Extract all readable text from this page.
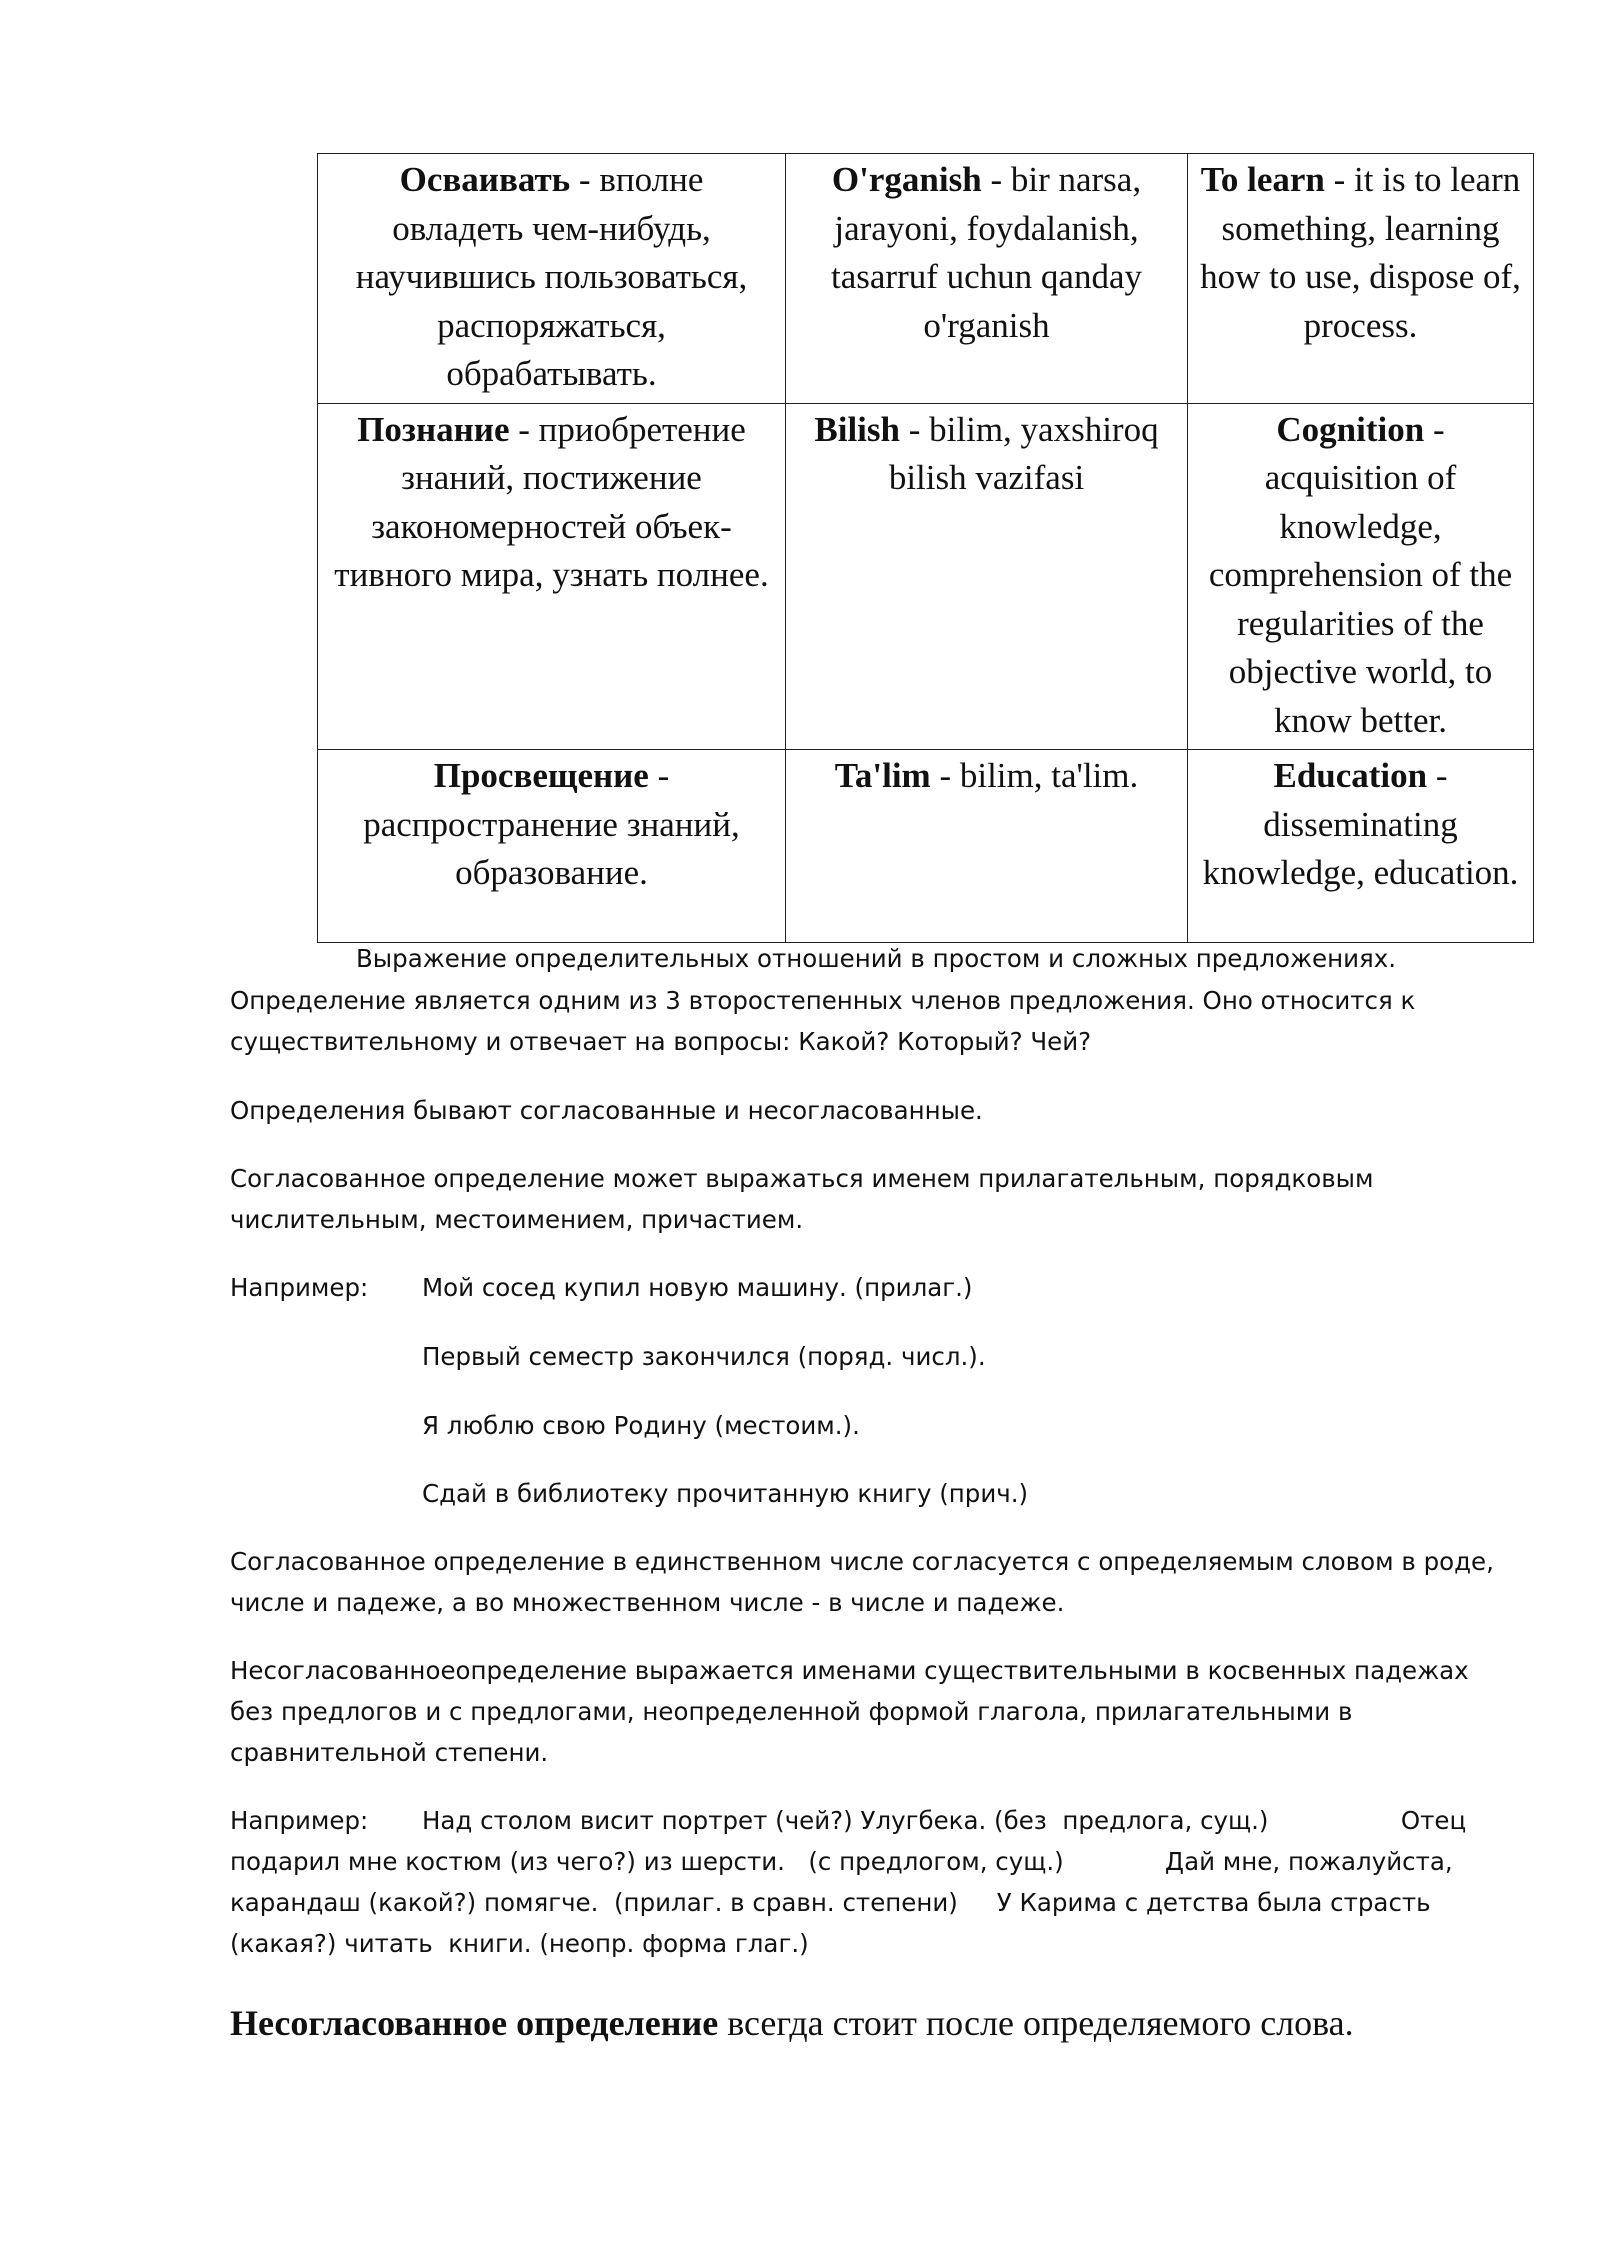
Осваивать - вполне овладеть чем-нибудь, научившись пользоваться, распоряжаться, обрабатывать.	O'rganish - bir narsa, jarayoni, foydalanish, tasarruf uchun qanday o'rganish	To learn - it is to learn something, learning how to use, dispose of, process.
Познание - приобретение знаний, постижение закономерностей объек-тивного мира, узнать полнее.	Bilish - bilim, yaxshiroq bilish vazifasi	Cognition - acquisition of knowledge, comprehension of the regularities of the objective world, to know better.
Просвещение - распространение знаний, образование.	Ta'lim - bilim, ta'lim.	Education - disseminating knowledge, education.
Выражение определительных отношений в простом и сложных предложениях.
Определение является одним из 3 второстепенных членов предложения. Оно относится к
существительному и отвечает на вопросы: Какой? Который? Чей?
Определения бывают согласованные и несогласованные.
Согласованное определение может выражаться именем прилагательным, порядковым
числительным, местоимением, причастием.
Например: Мой сосед купил новую машину. (прилаг.)
Первый семестр закончился (поряд. числ.).
Я люблю свою Родину (местоим.).
Сдай в библиотеку прочитанную книгу (прич.)
Согласованное определение в единственном числе согласуется с определяемым словом в роде,
числе и падеже, а во множественном числе - в числе и падеже.
Несогласованноеопределение выражается именами существительными в косвенных падежах
без предлогов и с предлогами, неопределенной формой глагола, прилагательными в
сравнительной степени.
Например: Над столом висит портрет (чей?) Улугбека. (без  предлога, сущ.)                 Отец
подарил мне костюм (из чего?) из шерсти.   (с предлогом, сущ.)             Дай мне, пожалуйста,
карандаш (какой?) помягче.  (прилаг. в сравн. степени)     У Карима с детства была страсть
(какая?) читать  книги. (неопр. форма глаг.)
Несогласованное определение всегда стоит после определяемого слова.
